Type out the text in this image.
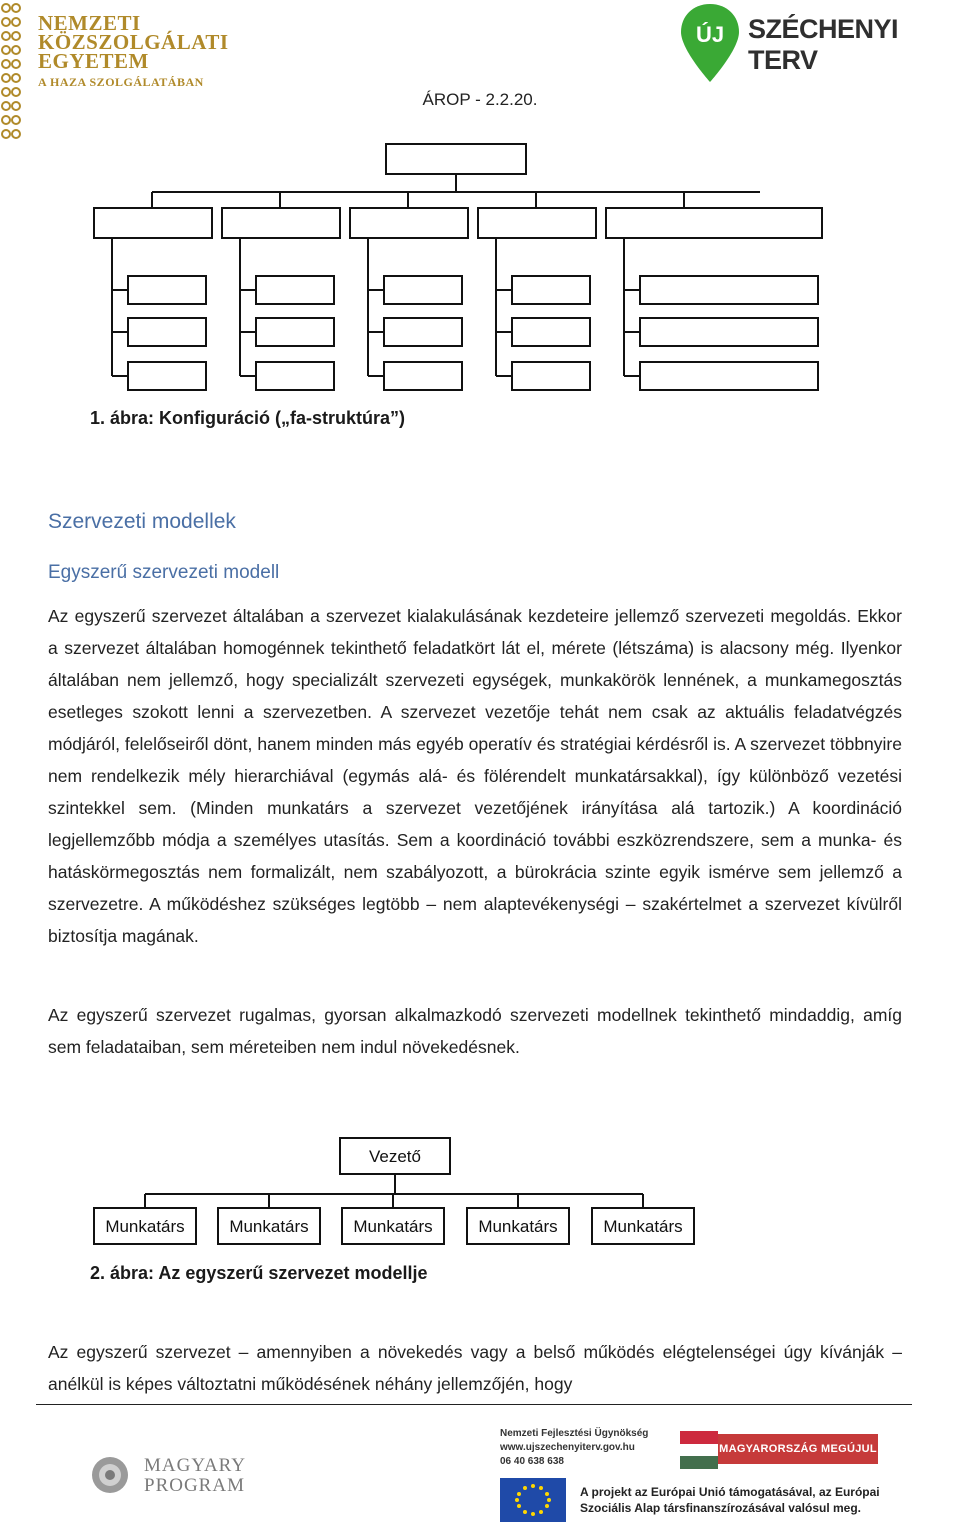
NEMZETI
KÖZSZOLGÁLATI
EGYETEM
A HAZA SZOLGÁLATÁBAN
ÚJ SZÉCHENYI TERV
ÁROP - 2.2.20.
1. ábra: Konfiguráció („fa-struktúra”)
Szervezeti modellek
Egyszerű szervezeti modell

Az egyszerű szervezet általában a szervezet kialakulásának kezdeteire jellemző szervezeti megoldás. Ekkor a szervezet általában homogénnek tekinthető feladatkört lát el, mérete (létszáma) is alacsony még. Ilyenkor általában nem jellemző, hogy specializált szervezeti egységek, munkakörök lennének, a munkamegosztás esetleges szokott lenni a szervezetben. A szervezet vezetője tehát nem csak az aktuális feladatvégzés módjáról, felelőseiről dönt, hanem minden más egyéb operatív és stratégiai kérdésről is. A szervezet többnyire nem rendelkezik mély hierarchiával (egymás alá- és fölérendelt munkatársakkal), így különböző vezetési szintekkel sem. (Minden munkatárs a szervezet vezetőjének irányítása alá tartozik.) A koordináció legjellemzőbb módja a személyes utasítás. Sem a koordináció további eszközrendszere, sem a munka- és hatáskörmegosztás nem formalizált, nem szabályozott, a bürokrácia szinte egyik ismérve sem jellemző a szervezetre. A működéshez szükséges legtöbb – nem alaptevékenységi – szakértelmet a szervezet kívülről biztosítja magának.

Az egyszerű szervezet rugalmas, gyorsan alkalmazkodó szervezeti modellnek tekinthető mindaddig, amíg sem feladataiban, sem méreteiben nem indul növekedésnek.

Vezető
Munkatárs	Munkatárs	Munkatárs	Munkatárs	Munkatárs
2. ábra: Az egyszerű szervezet modellje

Az egyszerű szervezet – amennyiben a növekedés vagy a belső működés elégtelenségei úgy kívánják – anélkül is képes változtatni működésének néhány jellemzőjén, hogy

MAGYARY
PROGRAM
Nemzeti Fejlesztési Ügynökség
www.ujszechenyiterv.gov.hu
06 40 638 638
MAGYARORSZÁG MEGÚJUL
A projekt az Európai Unió támogatásával, az Európai
Szociális Alap társfinanszírozásával valósul meg.
